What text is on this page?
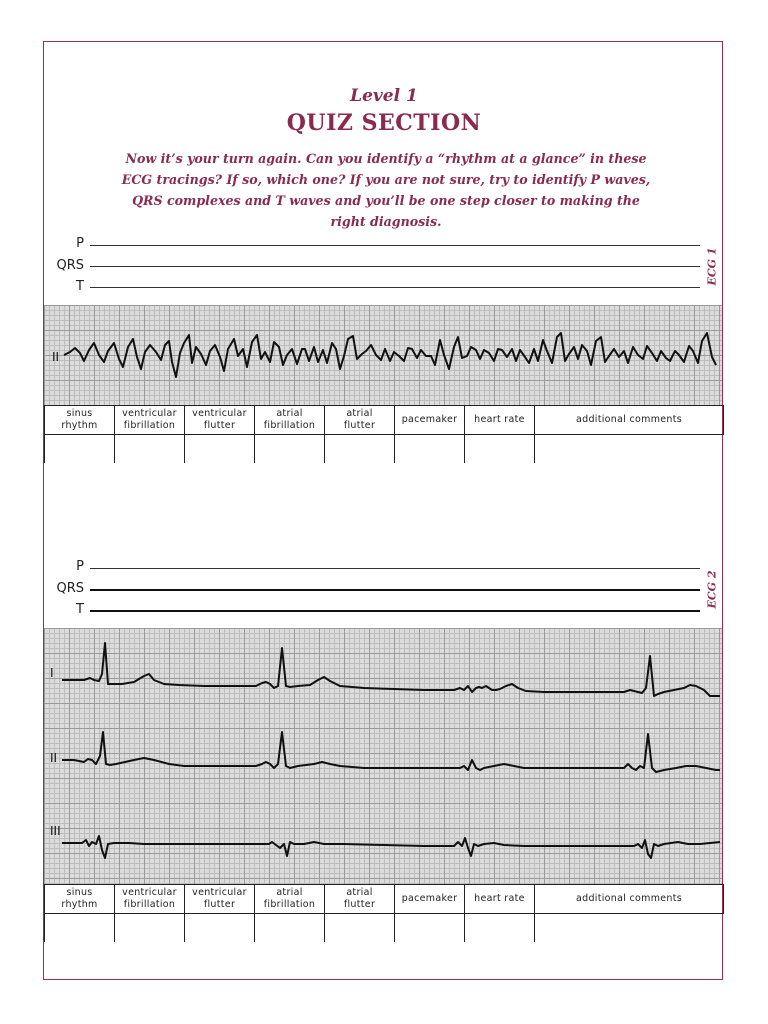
Level 1
QUIZ SECTION
Now it’s your turn again. Can you identify a “rhythm at a glance” in these ECG tracings? If so, which one? If you are not sure, try to identify P waves, QRS complexes and T waves and you’ll be one step closer to making the right diagnosis.
P
QRS
T
ECG 1
II
sinus
rhythm	ventricular
fibrillation	ventricular
flutter	atrial
fibrillation	atrial
flutter	pacemaker	heart rate	additional comments

P
QRS
T
ECG 2
I
II
III
sinus
rhythm	ventricular
fibrillation	ventricular
flutter	atrial
fibrillation	atrial
flutter	pacemaker	heart rate	additional comments
